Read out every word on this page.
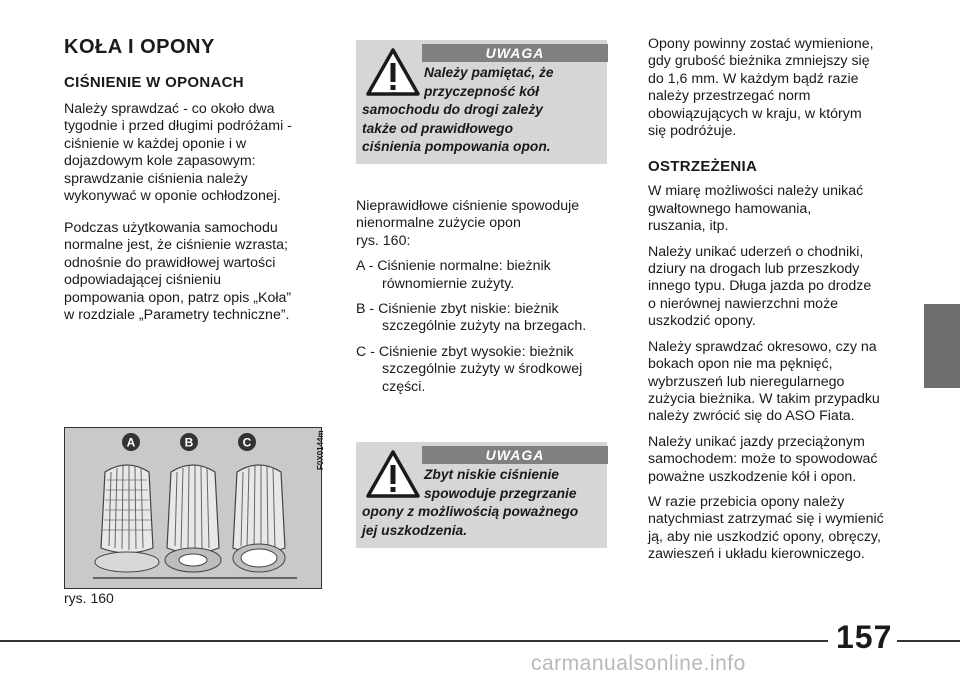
KOŁA I OPONY
CIŚNIENIE W OPONACH

Należy sprawdzać - co około dwa

tygodnie i przed długimi podróżami -

ciśnienie w każdej oponie i w

dojazdowym kole zapasowym:

sprawdzanie ciśnienia należy

wykonywać w oponie ochłodzonej.

Podczas użytkowania samochodu

normalne jest, że ciśnienie wzrasta;

odnośnie do prawidłowej wartości

odpowiadającej ciśnieniu

pompowania opon, patrz opis „Koła”

w rozdziale „Parametry techniczne”.

A	B	C	F0X0144m
rys. 160
UWAGA
Należy pamiętać, że
przyczepność kół
samochodu do drogi zależy
także od prawidłowego
ciśnienia pompowania opon.

Nieprawidłowe ciśnienie spowoduje

nienormalne zużycie opon

rys. 160:

A - Ciśnienie normalne: bieżnik

równomiernie zużyty.

B - Ciśnienie zbyt niskie: bieżnik

szczególnie zużyty na brzegach.

C - Ciśnienie zbyt wysokie: bieżnik

szczególnie zużyty w środkowej

części.

UWAGA
Zbyt niskie ciśnienie
spowoduje przegrzanie
opony z możliwością poważnego
jej uszkodzenia.

Opony powinny zostać wymienione,

gdy grubość bieżnika zmniejszy się

do 1,6 mm. W każdym bądź razie

należy przestrzegać norm

obowiązujących w kraju, w którym

się podróżuje.

OSTRZEŻENIA

W miarę możliwości należy unikać

gwałtownego hamowania,

ruszania, itp.

Należy unikać uderzeń o chodniki,

dziury na drogach lub przeszkody

innego typu. Długa jazda po drodze

o nierównej nawierzchni może

uszkodzić opony.

Należy sprawdzać okresowo, czy na

bokach opon nie ma pęknięć,

wybrzuszeń lub nieregularnego

zużycia bieżnika. W takim przypadku

należy zwrócić się do ASO Fiata.

Należy unikać jazdy przeciążonym

samochodem: może to spowodować

poważne uszkodzenie kół i opon.

W razie przebicia opony należy

natychmiast zatrzymać się i wymienić

ją, aby nie uszkodzić opony, obręczy,

zawieszeń i układu kierowniczego.

157
carmanualsonline.info
